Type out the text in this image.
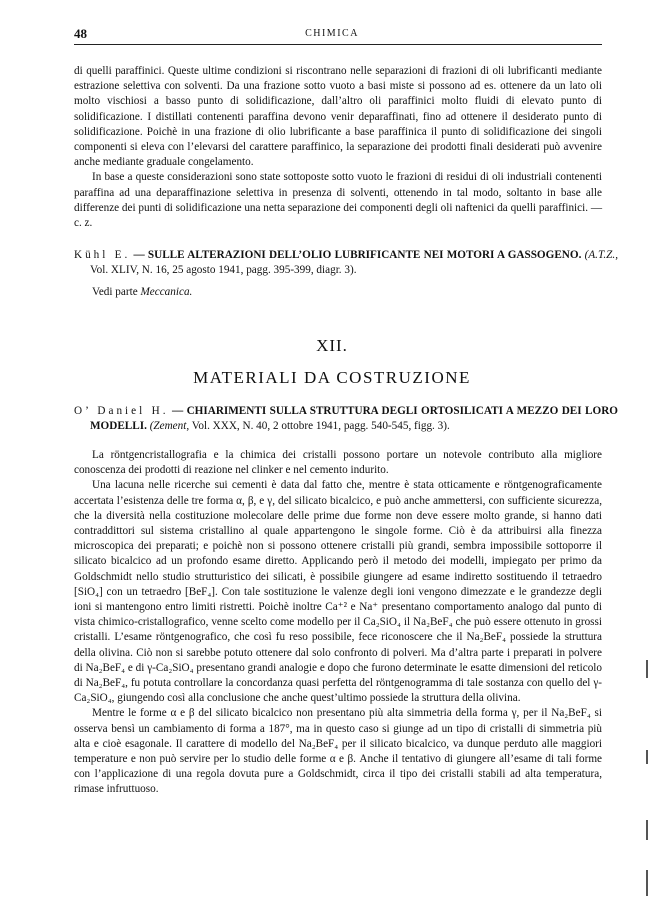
48	CHIMICA

di quelli paraffinici. Queste ultime condizioni si riscontrano nelle separazioni di frazioni di oli lubrificanti mediante estrazione selettiva con solventi. Da una frazione sotto vuoto a basi miste si possono ad es. ottenere da un lato oli molto vischiosi a basso punto di solidificazione, dall’altro oli paraffinici molto fluidi di elevato punto di solidificazione. I distillati contenenti paraffina devono venir deparaffinati, fino ad ottenere il desiderato punto di solidificazione. Poichè in una frazione di olio lubrificante a base paraffinica il punto di solidificazione dei singoli componenti si eleva con l’elevarsi del carattere paraffinico, la separazione dei prodotti finali desiderati può avvenire anche mediante graduale congelamento.

In base a queste considerazioni sono state sottoposte sotto vuoto le frazioni di residui di oli industriali contenenti paraffina ad una deparaffinazione selettiva in presenza di solventi, ottenendo in tal modo, soltanto in base alle differenze dei punti di solidificazione una netta separazione dei componenti degli oli naftenici da quelli paraffinici. — c. z.

Kühl E. — SULLE ALTERAZIONI DELL’OLIO LUBRIFICANTE NEI MOTORI A GASSOGENO. (A.T.Z., Vol. XLIV, N. 16, 25 agosto 1941, pagg. 395-399, diagr. 3).
Vedi parte Meccanica.
XII.
MATERIALI DA COSTRUZIONE
O’ Daniel H. — CHIARIMENTI SULLA STRUTTURA DEGLI ORTOSILICATI A MEZZO DEI LORO MODELLI. (Zement, Vol. XXX, N. 40, 2 ottobre 1941, pagg. 540-545, figg. 3).

La röntgencristallografia e la chimica dei cristalli possono portare un notevole contributo alla migliore conoscenza dei prodotti di reazione nel clinker e nel cemento indurito.

Una lacuna nelle ricerche sui cementi è data dal fatto che, mentre è stata otticamente e röntgenograficamente accertata l’esistenza delle tre forma α, β, e γ, del silicato bicalcico, e può anche ammettersi, con sufficiente sicurezza, che la diversità nella costituzione molecolare delle prime due forme non deve essere molto grande, si hanno dati contraddittori sul sistema cristallino al quale appartengono le singole forme. Ciò è da attribuirsi alla finezza microscopica dei preparati; e poichè non si possono ottenere cristalli più grandi, sembra impossibile sottoporre il silicato bicalcico ad un profondo esame diretto. Applicando però il metodo dei modelli, impiegato per primo da Goldschmidt nello studio strutturistico dei silicati, è possibile giungere ad esame indiretto sostituendo il tetraedro [SiO₄] con un tetraedro [BeF₄]. Con tale sostituzione le valenze degli ioni vengono dimezzate e le grandezze degli ioni si mantengono entro limiti ristretti. Poichè inoltre Ca⁺² e Na⁺ presentano comportamento analogo dal punto di vista chimico-cristallografico, venne scelto come modello per il Ca₂SiO₄ il Na₂BeF₄ che può essere ottenuto in grossi cristalli. L’esame röntgenografico, che così fu reso possibile, fece riconoscere che il Na₂BeF₄ possiede la struttura della olivina. Ciò non si sarebbe potuto ottenere dal solo confronto di polveri. Ma d’altra parte i preparati in polvere di Na₂BeF₄ e di γ-Ca₂SiO₄ presentano grandi analogie e dopo che furono determinate le esatte dimensioni del reticolo di Na₂BeF₄, fu potuta controllare la concordanza quasi perfetta del röntgenogramma di tale sostanza con quello del γ-Ca₂SiO₄, giungendo così alla conclusione che anche quest’ultimo possiede la struttura della olivina.

Mentre le forme α e β del silicato bicalcico non presentano più alta simmetria della forma γ, per il Na₂BeF₄ si osserva bensì un cambiamento di forma a 187°, ma in questo caso si giunge ad un tipo di cristalli di simmetria più alta e cioè esagonale. Il carattere di modello del Na₂BeF₄ per il silicato bicalcico, va dunque perduto alle maggiori temperature e non può servire per lo studio delle forme α e β. Anche il tentativo di giungere all’esame di tali forme con l’applicazione di una regola dovuta pure a Goldschmidt, circa il tipo dei cristalli stabili ad alta temperatura, rimase infruttuoso.
